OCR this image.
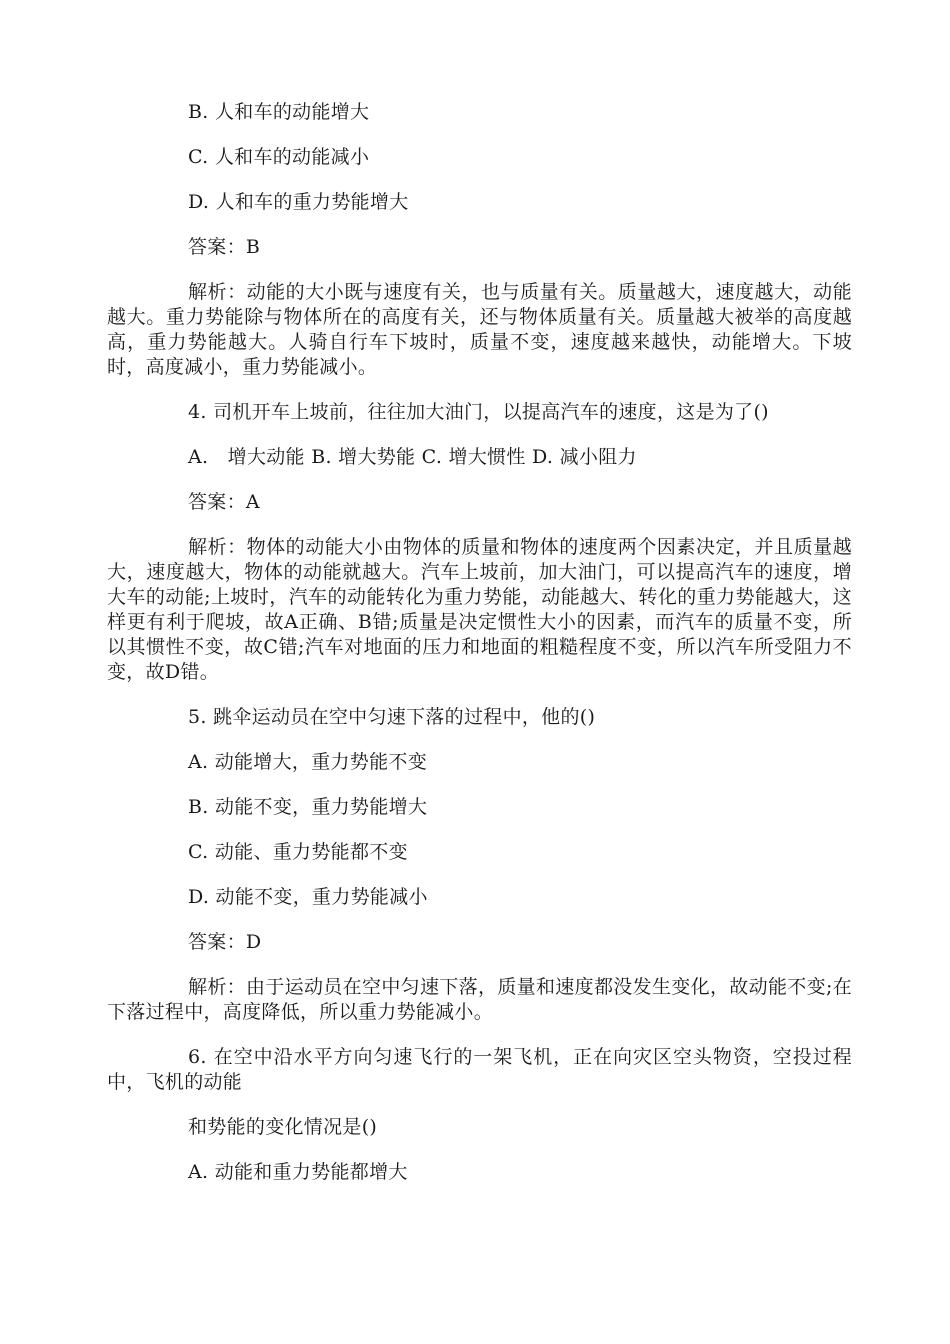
B. 人和车的动能增大

C. 人和车的动能减小

D. 人和车的重力势能增大

答案：B

解析：动能的大小既与速度有关，也与质量有关。质量越大，速度越大，动能越大。重力势能除与物体所在的高度有关，还与物体质量有关。质量越大被举的高度越高，重力势能越大。人骑自行车下坡时，质量不变，速度越来越快，动能增大。下坡时，高度减小，重力势能减小。

4. 司机开车上坡前，往往加大油门，以提高汽车的速度，这是为了()

A.　增大动能 B. 增大势能 C. 增大惯性 D. 减小阻力

答案：A

解析：物体的动能大小由物体的质量和物体的速度两个因素决定，并且质量越大，速度越大，物体的动能就越大。汽车上坡前，加大油门，可以提高汽车的速度，增大车的动能;上坡时，汽车的动能转化为重力势能，动能越大、转化的重力势能越大，这样更有利于爬坡，故A正确、B错;质量是决定惯性大小的因素，而汽车的质量不变，所以其惯性不变，故C错;汽车对地面的压力和地面的粗糙程度不变，所以汽车所受阻力不变，故D错。

5. 跳伞运动员在空中匀速下落的过程中，他的()

A. 动能增大，重力势能不变

B. 动能不变，重力势能增大

C. 动能、重力势能都不变

D. 动能不变，重力势能减小

答案：D

解析：由于运动员在空中匀速下落，质量和速度都没发生变化，故动能不变;在下落过程中，高度降低，所以重力势能减小。

6. 在空中沿水平方向匀速飞行的一架飞机，正在向灾区空头物资，空投过程中，飞机的动能

和势能的变化情况是()

A. 动能和重力势能都增大
